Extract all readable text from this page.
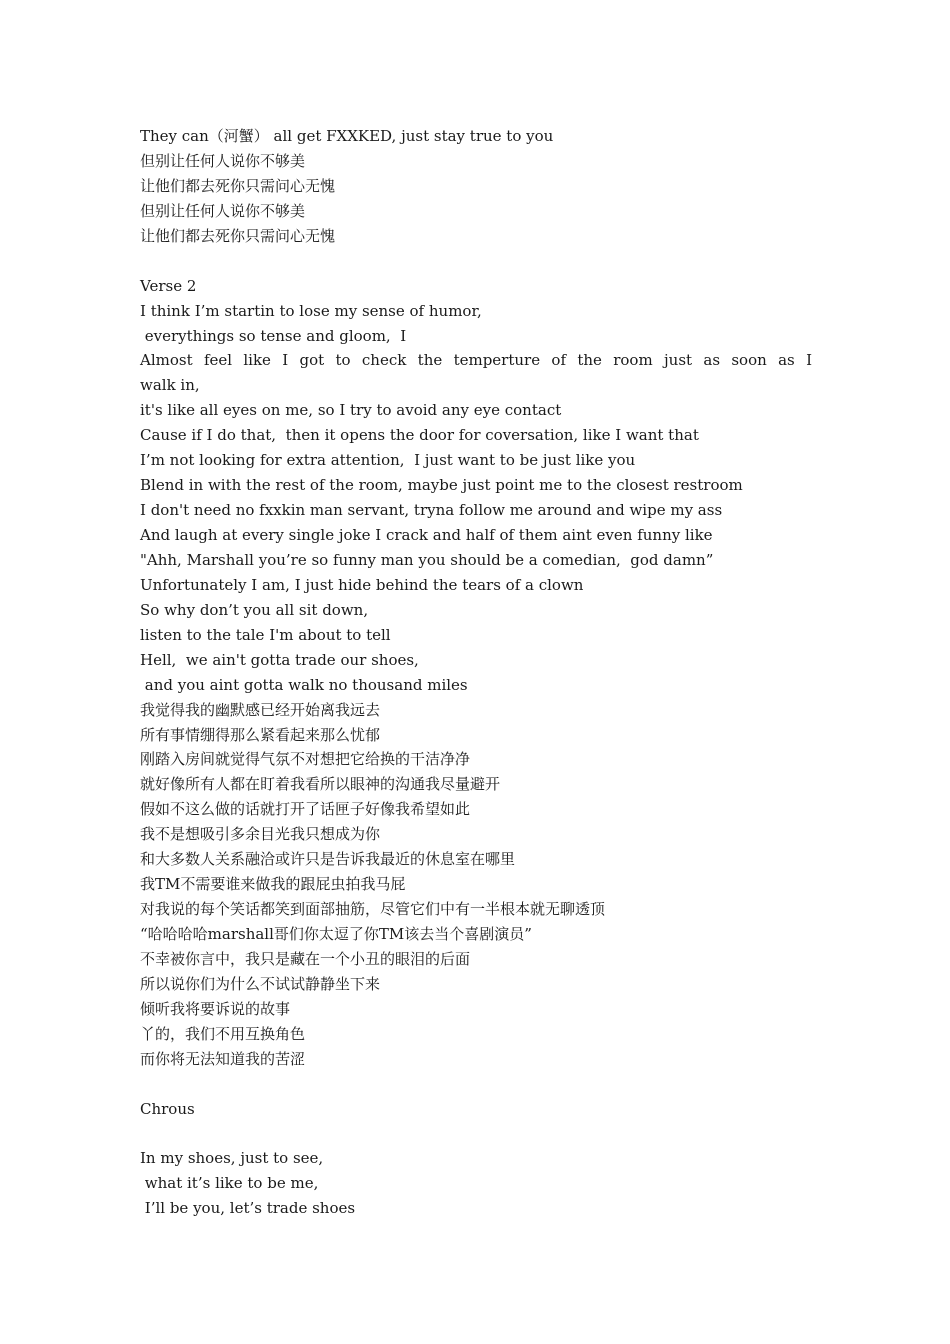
They can（河蟹） all get FXXKED, just stay true to you
但别让任何人说你不够美
让他们都去死你只需问心无愧
但别让任何人说你不够美
让他们都去死你只需问心无愧
Verse 2
I think I’m startin to lose my sense of humor,
everythings so tense and gloom,  I
Almost feel like I got to check the temperture of the room just as soon as I
walk in,
it's like all eyes on me, so I try to avoid any eye contact
Cause if I do that,  then it opens the door for coversation, like I want that
I’m not looking for extra attention,  I just want to be just like you
Blend in with the rest of the room, maybe just point me to the closest restroom
I don't need no fxxkin man servant, tryna follow me around and wipe my ass
And laugh at every single joke I crack and half of them aint even funny like
"Ahh, Marshall you’re so funny man you should be a comedian,  god damn”
Unfortunately I am, I just hide behind the tears of a clown
So why don’t you all sit down,
listen to the tale I'm about to tell
Hell,  we ain't gotta trade our shoes,
and you aint gotta walk no thousand miles
我觉得我的幽默感已经开始离我远去
所有事情绷得那么紧看起来那么忧郁
刚踏入房间就觉得气氛不对想把它给换的干洁净净
就好像所有人都在盯着我看所以眼神的沟通我尽量避开
假如不这么做的话就打开了话匣子好像我希望如此
我不是想吸引多余目光我只想成为你
和大多数人关系融洽或许只是告诉我最近的休息室在哪里
我TM不需要谁来做我的跟屁虫拍我马屁
对我说的每个笑话都笑到面部抽筋，尽管它们中有一半根本就无聊透顶
“哈哈哈哈marshall哥们你太逗了你TM该去当个喜剧演员”
不幸被你言中，我只是藏在一个小丑的眼泪的后面
所以说你们为什么不试试静静坐下来
倾听我将要诉说的故事
丫的，我们不用互换角色
而你将无法知道我的苦涩
Chrous
In my shoes, just to see,
what it’s like to be me,
I’ll be you, let’s trade shoes
